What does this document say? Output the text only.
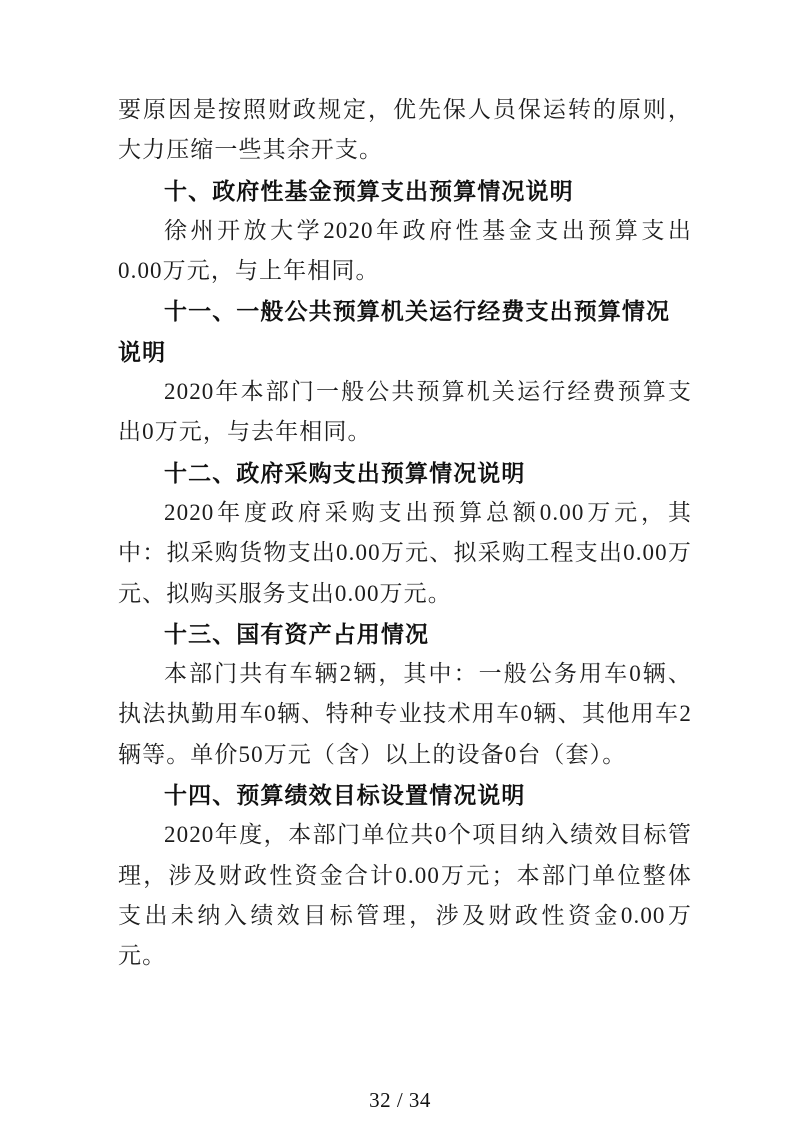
要原因是按照财政规定，优先保人员保运转的原则，大力压缩一些其余开支。

十、政府性基金预算支出预算情况说明

徐州开放大学2020年政府性基金支出预算支出0.00万元，与上年相同。

十一、一般公共预算机关运行经费支出预算情况说明

2020年本部门一般公共预算机关运行经费预算支出0万元，与去年相同。

十二、政府采购支出预算情况说明

2020年度政府采购支出预算总额0.00万元，其中：拟采购货物支出0.00万元、拟采购工程支出0.00万元、拟购买服务支出0.00万元。

十三、国有资产占用情况

本部门共有车辆2辆，其中：一般公务用车0辆、执法执勤用车0辆、特种专业技术用车0辆、其他用车2辆等。单价50万元（含）以上的设备0台（套）。

十四、预算绩效目标设置情况说明

2020年度，本部门单位共0个项目纳入绩效目标管理，涉及财政性资金合计0.00万元；本部门单位整体支出未纳入绩效目标管理，涉及财政性资金0.00万元。

32 / 34
